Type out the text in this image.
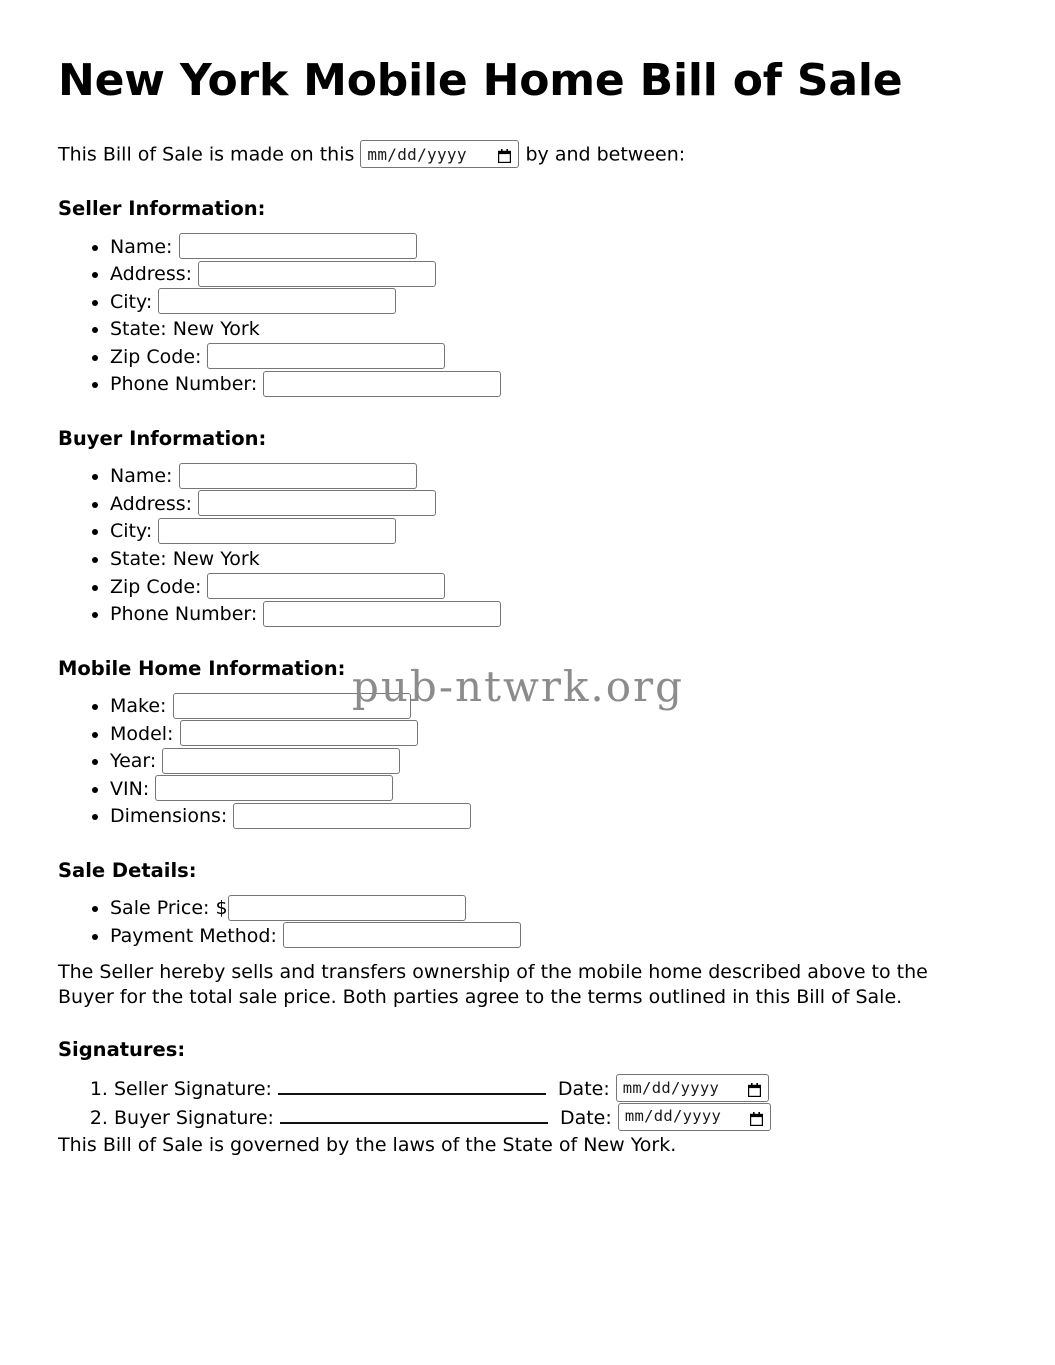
New York Mobile Home Bill of Sale

This Bill of Sale is made on this mm/dd/yyyy	by and between:

Seller Information:
• Name:
• Address:
• City:
• State: New York
• Zip Code:
• Phone Number:
Buyer Information:
• Name:
• Address:
• City:
• State: New York
• Zip Code:
• Phone Number:
Mobile Home Information:
• Make:
• Model:
• Year:
• VIN:
• Dimensions:
Sale Details:
• Sale Price: $
• Payment Method:

The Seller hereby sells and transfers ownership of the mobile home described above to the Buyer for the total sale price. Both parties agree to the terms outlined in this Bill of Sale.

Signatures:
1. Seller Signature:	Date: mm/dd/yyyy
2. Buyer Signature:	Date: mm/dd/yyyy

This Bill of Sale is governed by the laws of the State of New York.

pub-ntwrk.org
